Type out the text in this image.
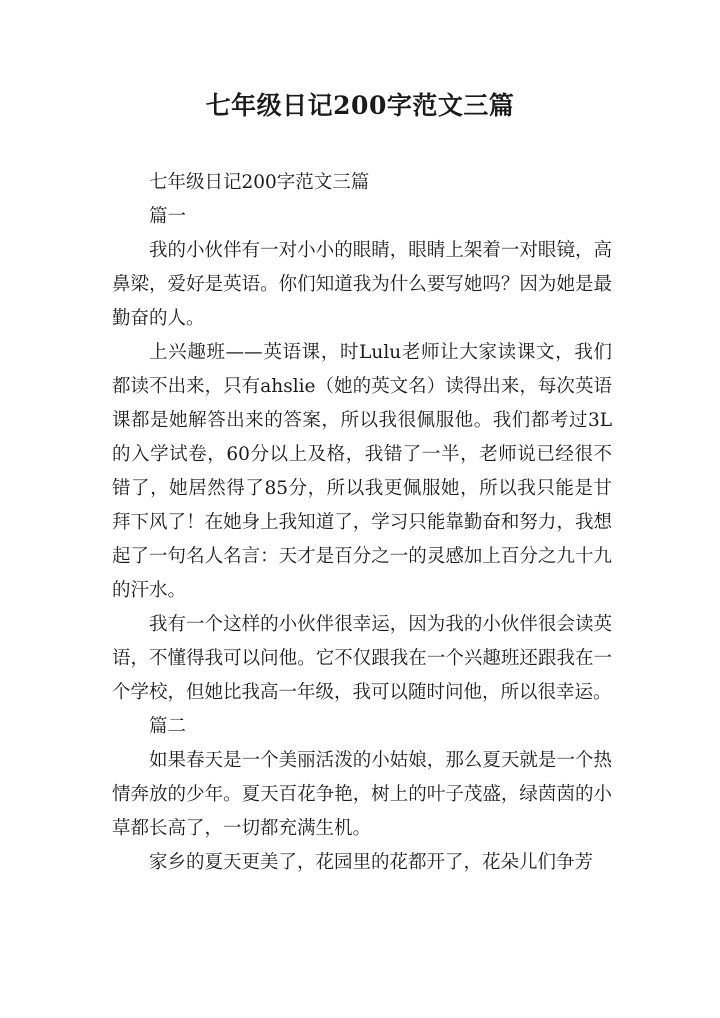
七年级日记200字范文三篇

七年级日记200字范文三篇

篇一

我的小伙伴有一对小小的眼睛，眼睛上架着一对眼镜，高鼻梁，爱好是英语。你们知道我为什么要写她吗？因为她是最勤奋的人。

上兴趣班——英语课，时Lulu老师让大家读课文，我们都读不出来，只有ahslie（她的英文名）读得出来，每次英语课都是她解答出来的答案，所以我很佩服他。我们都考过3L的入学试卷，60分以上及格，我错了一半，老师说已经很不错了，她居然得了85分，所以我更佩服她，所以我只能是甘拜下风了！在她身上我知道了，学习只能靠勤奋和努力，我想起了一句名人名言：天才是百分之一的灵感加上百分之九十九的汗水。

我有一个这样的小伙伴很幸运，因为我的小伙伴很会读英语，不懂得我可以问他。它不仅跟我在一个兴趣班还跟我在一个学校，但她比我高一年级，我可以随时问他，所以很幸运。

篇二

如果春天是一个美丽活泼的小姑娘，那么夏天就是一个热情奔放的少年。夏天百花争艳，树上的叶子茂盛，绿茵茵的小草都长高了，一切都充满生机。

家乡的夏天更美了，花园里的花都开了，花朵儿们争芳
